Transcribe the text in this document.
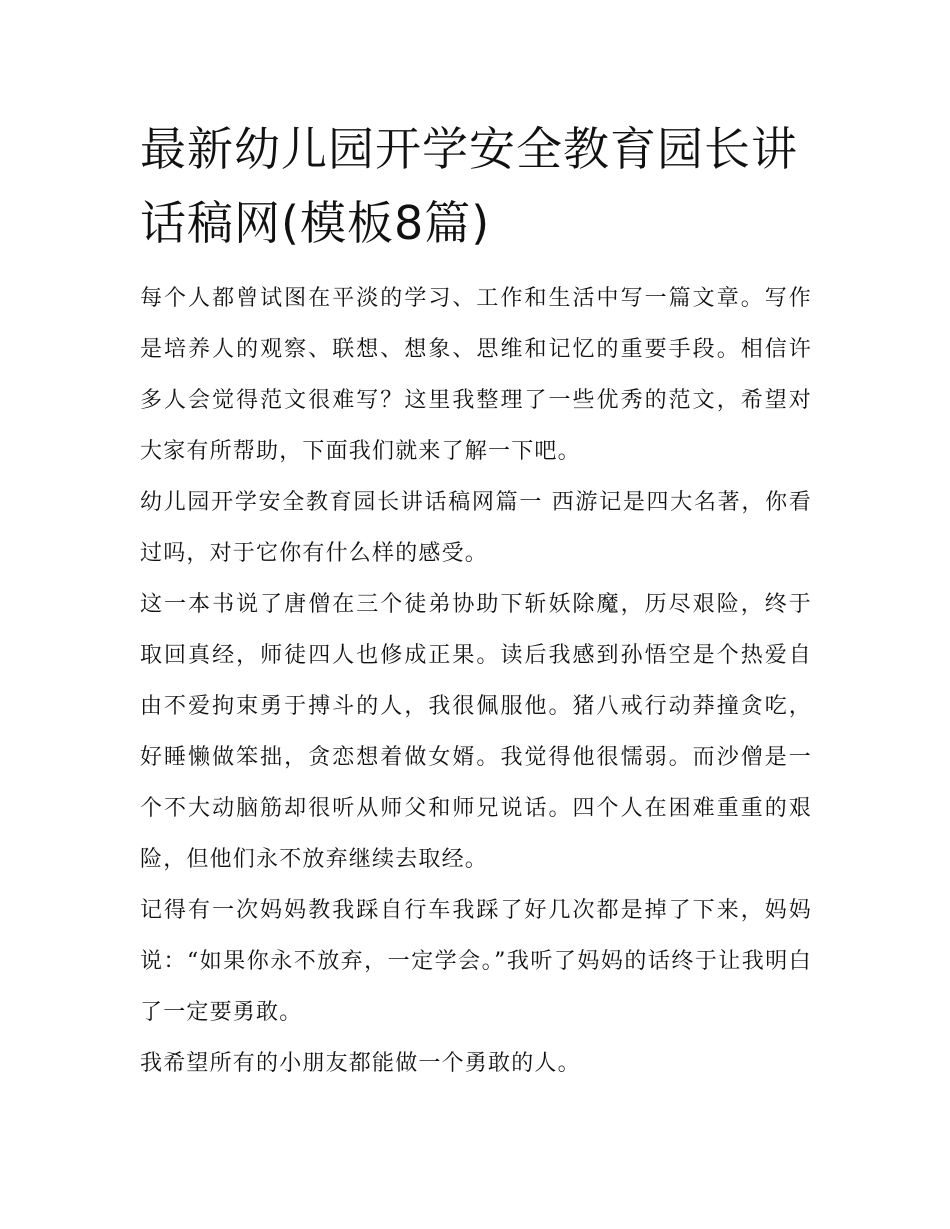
最新幼儿园开学安全教育园长讲话稿网(模板8篇)

每个人都曾试图在平淡的学习、工作和生活中写一篇文章。写作是培养人的观察、联想、想象、思维和记忆的重要手段。相信许多人会觉得范文很难写？这里我整理了一些优秀的范文，希望对大家有所帮助，下面我们就来了解一下吧。

幼儿园开学安全教育园长讲话稿网篇一 西游记是四大名著，你看过吗，对于它你有什么样的感受。

这一本书说了唐僧在三个徒弟协助下斩妖除魔，历尽艰险，终于取回真经，师徒四人也修成正果。读后我感到孙悟空是个热爱自由不爱拘束勇于搏斗的人，我很佩服他。猪八戒行动莽撞贪吃，好睡懒做笨拙，贪恋想着做女婿。我觉得他很懦弱。而沙僧是一个不大动脑筋却很听从师父和师兄说话。四个人在困难重重的艰险，但他们永不放弃继续去取经。

记得有一次妈妈教我踩自行车我踩了好几次都是掉了下来，妈妈说：“如果你永不放弃，一定学会。”我听了妈妈的话终于让我明白了一定要勇敢。

我希望所有的小朋友都能做一个勇敢的人。
